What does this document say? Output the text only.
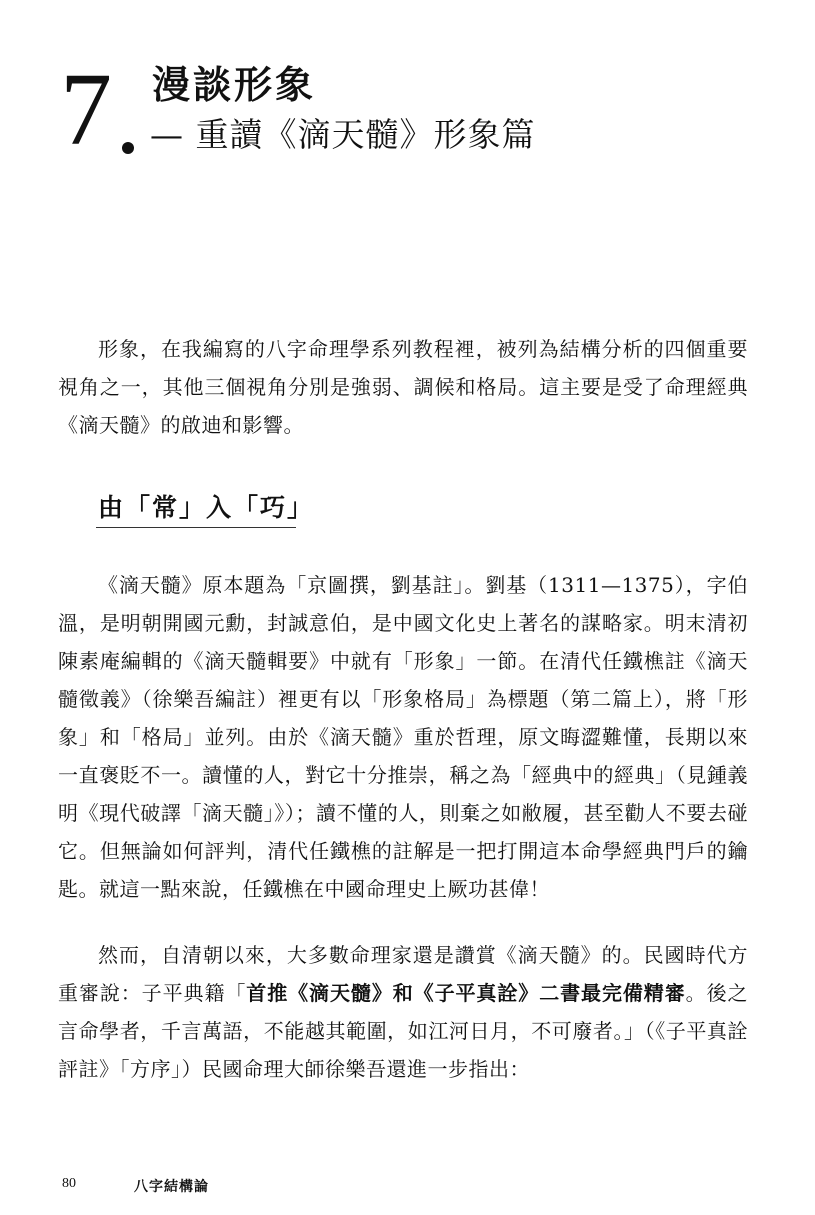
7 漫談形象
— 重讀《滴天髓》形象篇

形象，在我編寫的八字命理學系列教程裡，被列為結構分析的四個重要視角之一，其他三個視角分別是強弱、調候和格局。這主要是受了命理經典《滴天髓》的啟迪和影響。

由「常」入「巧」

《滴天髓》原本題為「京圖撰，劉基註」。劉基（1311—1375），字伯溫，是明朝開國元勳，封誠意伯，是中國文化史上著名的謀略家。明末清初陳素庵編輯的《滴天髓輯要》中就有「形象」一節。在清代任鐵樵註《滴天髓徵義》（徐樂吾編註）裡更有以「形象格局」為標題（第二篇上），將「形象」和「格局」並列。由於《滴天髓》重於哲理，原文晦澀難懂，長期以來一直褒貶不一。讀懂的人，對它十分推崇，稱之為「經典中的經典」（見鍾義明《現代破譯「滴天髓」》）；讀不懂的人，則棄之如敝履，甚至勸人不要去碰它。但無論如何評判，清代任鐵樵的註解是一把打開這本命學經典門戶的鑰匙。就這一點來說，任鐵樵在中國命理史上厥功甚偉！

然而，自清朝以來，大多數命理家還是讚賞《滴天髓》的。民國時代方重審說：子平典籍「首推《滴天髓》和《子平真詮》二書最完備精審。後之言命學者，千言萬語，不能越其範圍，如江河日月，不可廢者。」（《子平真詮評註》「方序」）民國命理大師徐樂吾還進一步指出：

80	八字結構論
